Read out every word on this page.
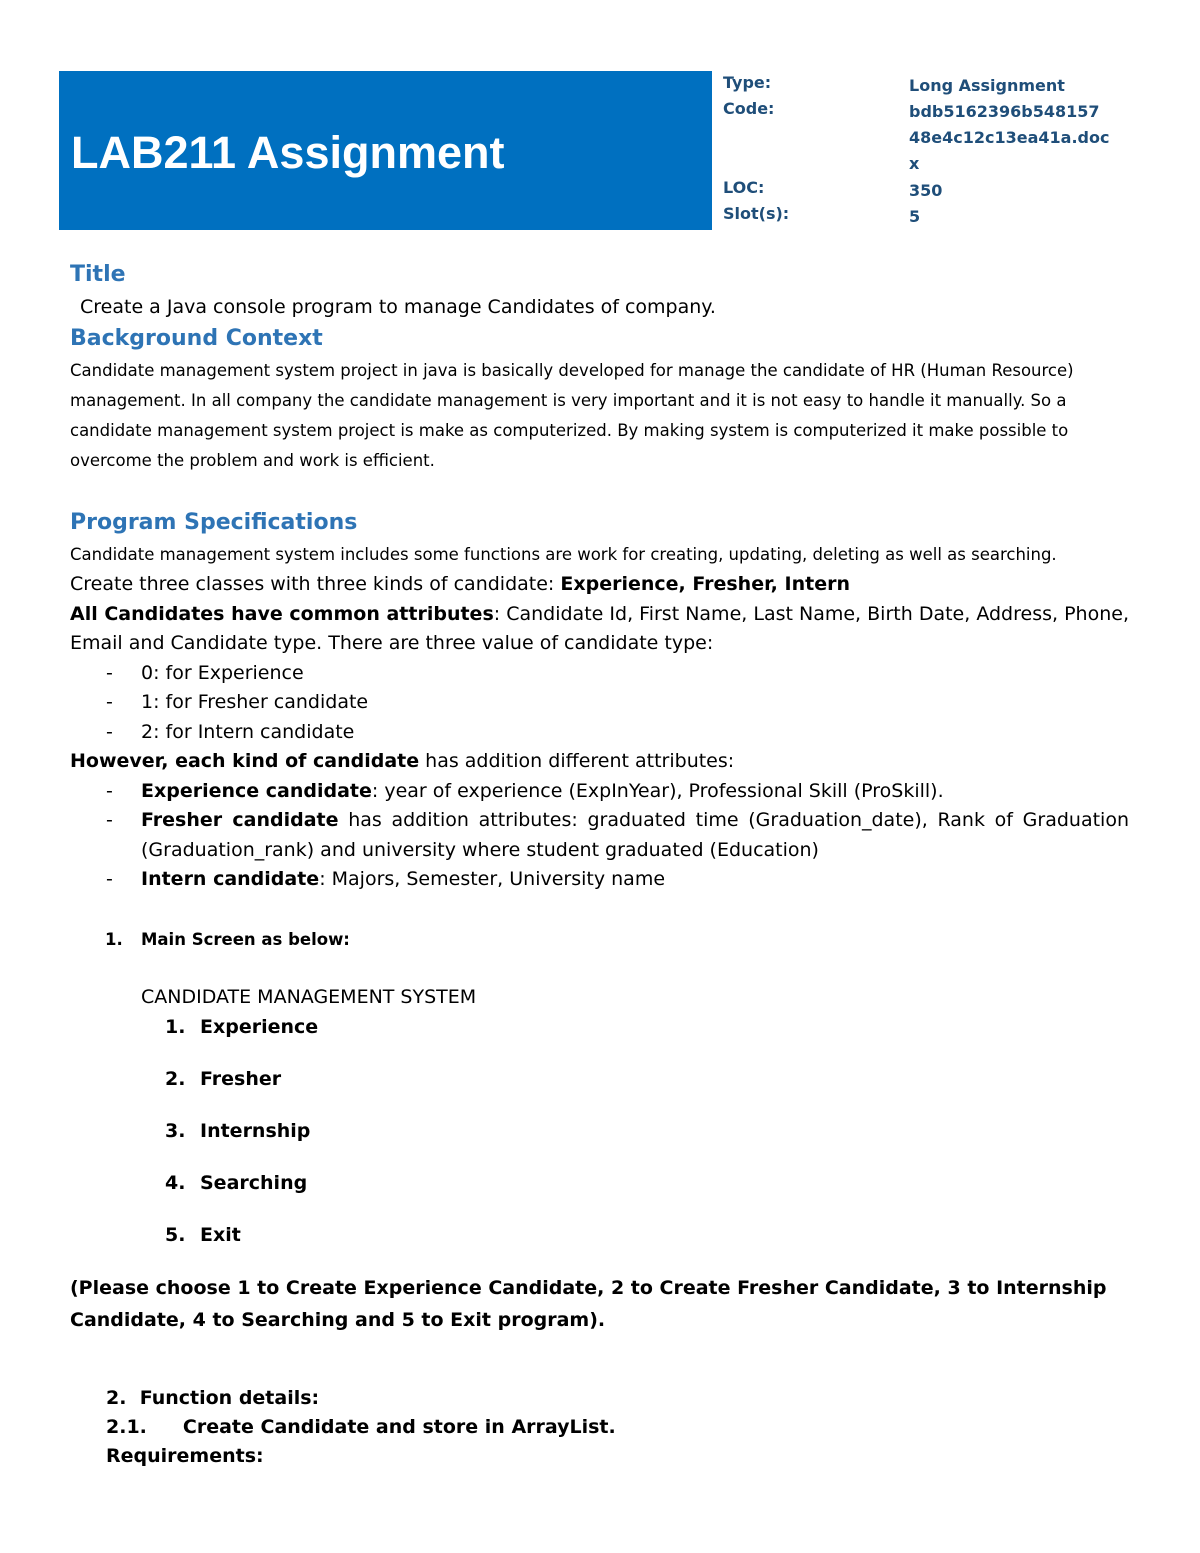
LAB211 Assignment
Type:	Long Assignment
Code:	bdb5162396b548157 48e4c12c13ea41a.doc x
LOC:	350
Slot(s):	5
Title

Create a Java console program to manage Candidates of company.

Background Context

Candidate management system project in java is basically developed for manage the candidate of HR (Human Resource) management. In all company the candidate management is very important and it is not easy to handle it manually. So a candidate management system project is make as computerized. By making system is computerized it make possible to overcome the problem and work is efficient.

Program Specifications

Candidate management system includes some functions are work for creating, updating, deleting as well as searching.

Create three classes with three kinds of candidate: Experience, Fresher, Intern

All Candidates have common attributes: Candidate Id, First Name, Last Name, Birth Date, Address, Phone, Email and Candidate type. There are three value of candidate type:

- 0: for Experience
- 1: for Fresher candidate
- 2: for Intern candidate

However, each kind of candidate has addition different attributes:

- Experience candidate: year of experience (ExpInYear), Professional Skill (ProSkill).
- Fresher candidate has addition attributes: graduated time (Graduation_date), Rank of Graduation (Graduation_rank) and university where student graduated (Education)
- Intern candidate: Majors, Semester, University name
1. Main Screen as below:
CANDIDATE MANAGEMENT SYSTEM
1. Experience
2. Fresher
3. Internship
4. Searching
5. Exit

(Please choose 1 to Create Experience Candidate, 2 to Create Fresher Candidate, 3 to Internship Candidate, 4 to Searching and 5 to Exit program).

2. Function details:
2.1. Create Candidate and store in ArrayList.
Requirements:
